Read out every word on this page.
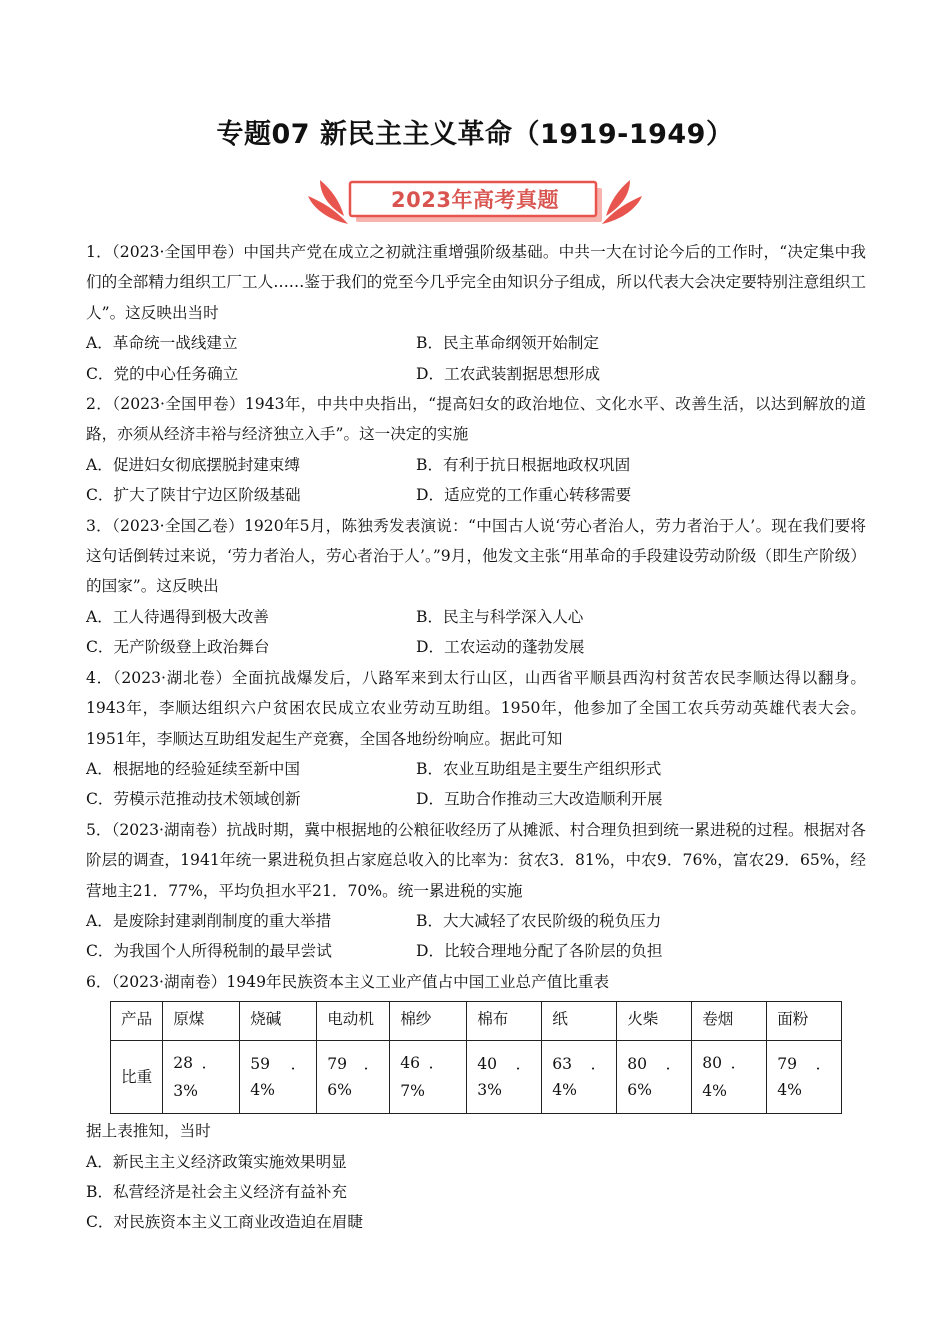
专题07 新民主主义革命（1919-1949）
2023年高考真题
1．（2023·全国甲卷）中国共产党在成立之初就注重增强阶级基础。中共一大在讨论今后的工作时，“决定集中我们的全部精力组织工厂工人……鉴于我们的党至今几乎完全由知识分子组成，所以代表大会决定要特别注意组织工人”。这反映出当时
A．革命统一战线建立	B．民主革命纲领开始制定
C．党的中心任务确立	D．工农武装割据思想形成
2．（2023·全国甲卷）1943年，中共中央指出，“提高妇女的政治地位、文化水平、改善生活，以达到解放的道路，亦须从经济丰裕与经济独立入手”。这一决定的实施
A．促进妇女彻底摆脱封建束缚	B．有利于抗日根据地政权巩固
C．扩大了陕甘宁边区阶级基础	D．适应党的工作重心转移需要
3．（2023·全国乙卷）1920年5月，陈独秀发表演说：“中国古人说‘劳心者治人，劳力者治于人’。现在我们要将这句话倒转过来说，‘劳力者治人，劳心者治于人’。”9月，他发文主张“用革命的手段建设劳动阶级（即生产阶级）的国家”。这反映出
A．工人待遇得到极大改善	B．民主与科学深入人心
C．无产阶级登上政治舞台	D．工农运动的蓬勃发展
4．（2023·湖北卷）全面抗战爆发后，八路军来到太行山区，山西省平顺县西沟村贫苦农民李顺达得以翻身。1943年，李顺达组织六户贫困农民成立农业劳动互助组。1950年，他参加了全国工农兵劳动英雄代表大会。1951年，李顺达互助组发起生产竞赛，全国各地纷纷响应。据此可知
A．根据地的经验延续至新中国	B．农业互助组是主要生产组织形式
C．劳模示范推动技术领域创新	D．互助合作推动三大改造顺利开展
5．（2023·湖南卷）抗战时期，冀中根据地的公粮征收经历了从摊派、村合理负担到统一累进税的过程。根据对各阶层的调查，1941年统一累进税负担占家庭总收入的比率为：贫农3．81%，中农9．76%，富农29．65%，经营地主21．77%，平均负担水平21．70%。统一累进税的实施
A．是废除封建剥削制度的重大举措	B．大大减轻了农民阶级的税负压力
C．为我国个人所得税制的最早尝试	D．比较合理地分配了各阶层的负担
6．（2023·湖南卷）1949年民族资本主义工业产值占中国工业总产值比重表
产品	原煤	烧碱	电动机	棉纱	棉布	纸	火柴	卷烟	面粉
比重	28．3%	59．4%	79．6%	46．7%	40．3%	63．4%	80．6%	80．4%	79．4%
据上表推知，当时
A．新民主主义经济政策实施效果明显
B．私营经济是社会主义经济有益补充
C．对民族资本主义工商业改造迫在眉睫
